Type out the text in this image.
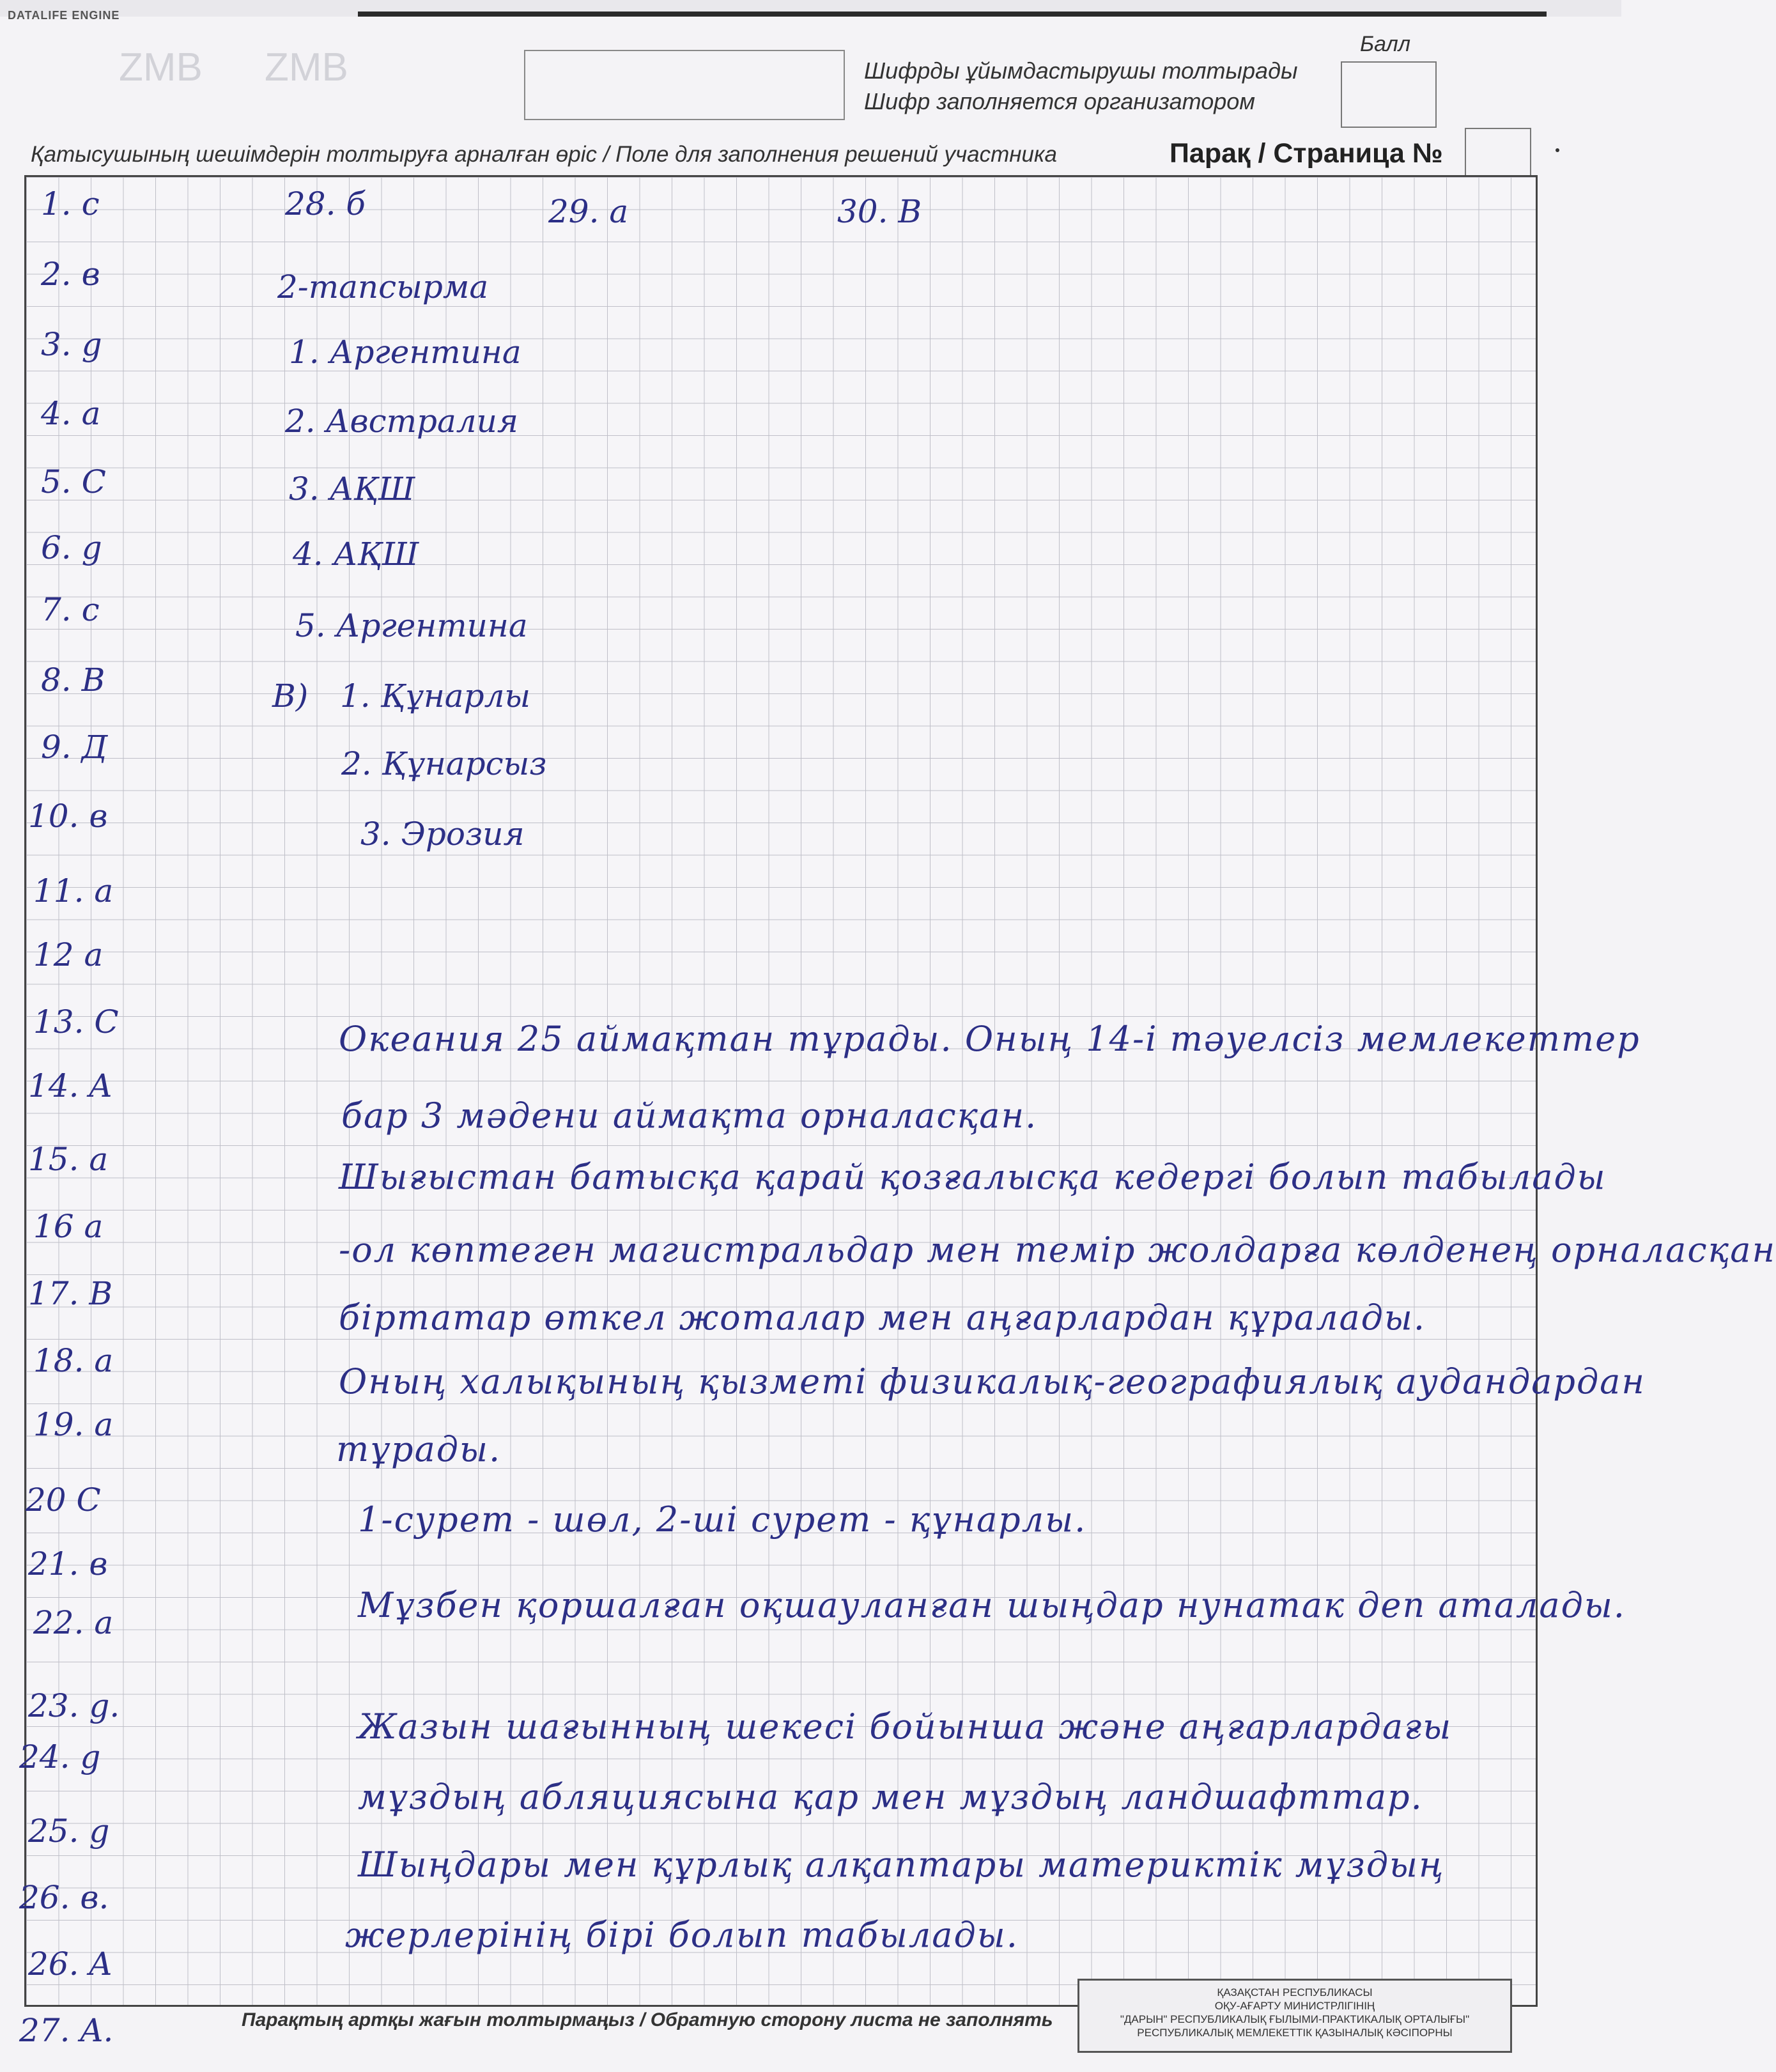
DATALIFE ENGINE
ZMB ZMB	Шифрды ұйымдастырушы толтырады
Шифр заполняется организатором
Балл
Қатысушының шешімдерін толтыруға арналған өріс / Поле для заполнения решений участника	Парақ / Страница №
1. c
2. в
3. g
4. a
5. C
6. g
7. c
8. В
9. Д
10. в
11. a
12 a
13. C
14. A
15. a
16 a
17. В
18. a
19. a
20 C
21. в
22. a
23. g.
24. g
25. g
26. в.
26. A
27. A.
28. б	29. a	30. В
2-тапсырма
1. Аргентина
2. Австралия
3. АҚШ
4. АҚШ
5. Аргентина
В) 1. Құнарлы
2. Құнарсыз
3. Эрозия
Океания 25 аймақтан тұрады. Оның 14-і тәуелсіз мемлекеттер
бар 3 мәдени аймақта орналасқан.
Шығыстан батысқа қарай қозғалысқа кедергі болып табылады
-ол көптеген магистральдар мен темір жолдарға көлденең орналасқан
біртатар өткел жоталар мен аңғарлардан құралады.
Оның халықының қызметі физикалық-географиялық аудандардан
тұрады.
1-сурет - шөл, 2-ші сурет - құнарлы.
Мұзбен қоршалған оқшауланған шыңдар нунатак деп аталады.
Жазын шағынның шекесі бойынша және аңғарлардағы
мұздың абляциясына қар мен мұздың ландшафттар.
Шыңдары мен құрлық алқаптары материктік мұздың
жерлерінің бірі болып табылады.
Парақтың артқы жағын толтырмаңыз / Обратную сторону листа не заполнять
ҚАЗАҚСТАН РЕСПУБЛИКАСЫ
ОҚУ-АҒАРТУ МИНИСТРЛІГІНІҢ
"ДАРЫН" РЕСПУБЛИКАЛЫҚ ҒЫЛЫМИ-ПРАКТИКАЛЫҚ ОРТАЛЫҒЫ"
РЕСПУБЛИКАЛЫҚ МЕМЛЕКЕТТІК ҚАЗЫНАЛЫҚ КӘСІПОРНЫ
